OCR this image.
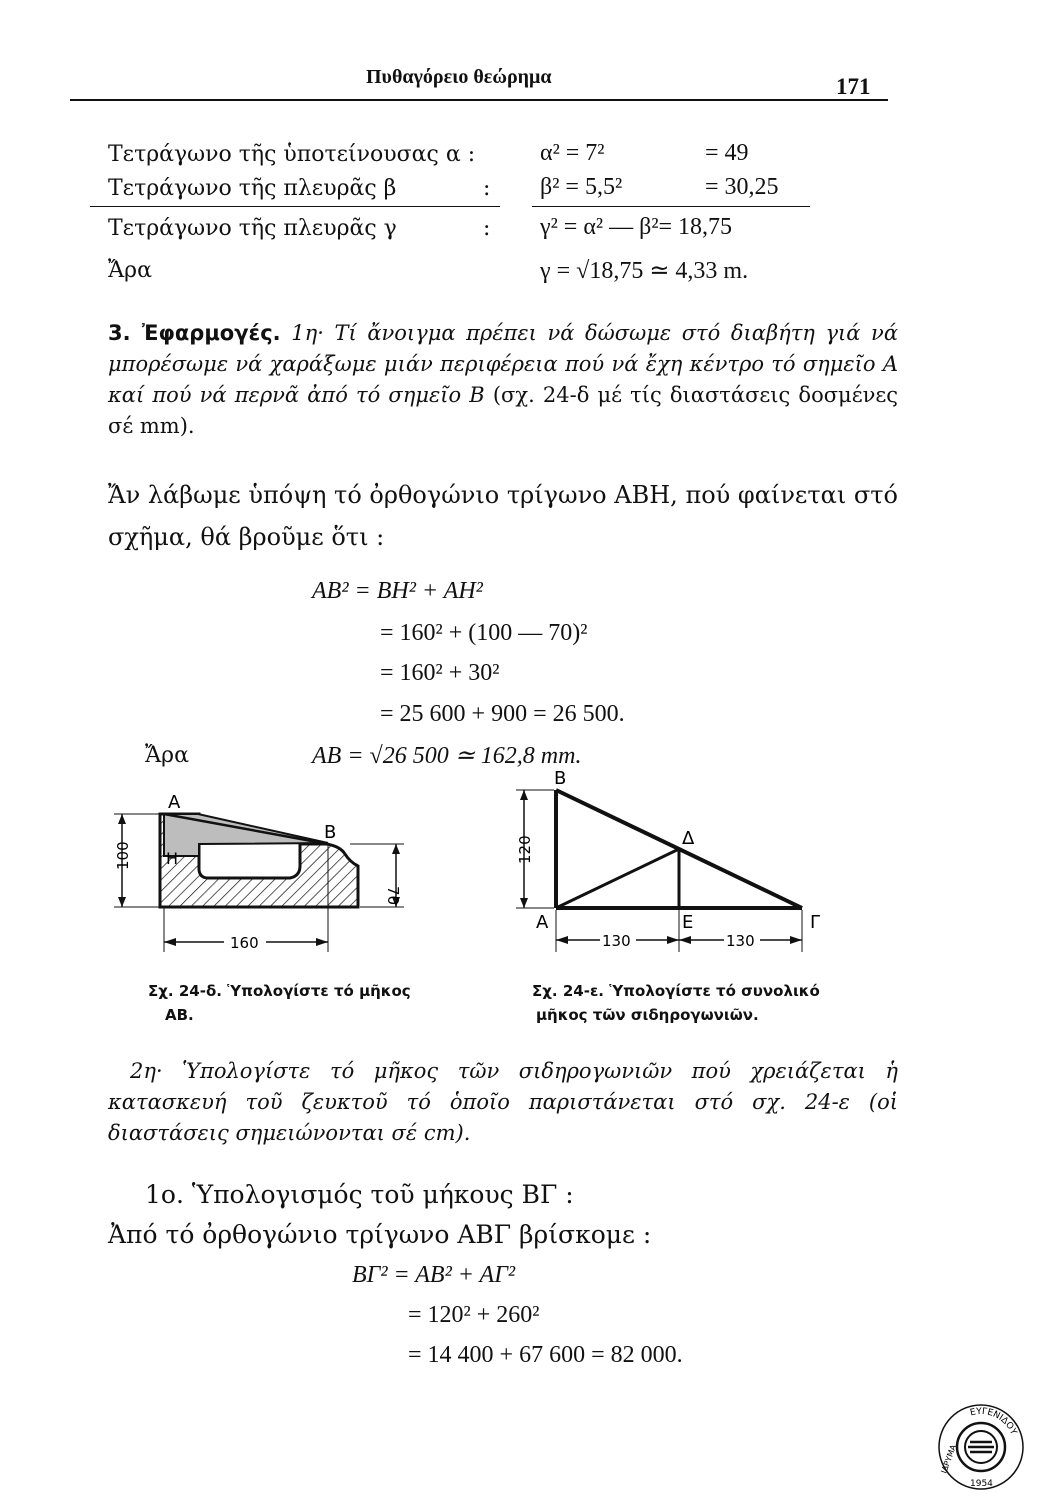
Πυθαγόρειο θεώρημα	171
Τετράγωνο τῆς ὑποτείνουσας α :	α² = 7²	= 49
Τετράγωνο τῆς πλευρᾶς β	: β² = 5,5²	= 30,25
Τετράγωνο τῆς πλευρᾶς γ	: γ² = α² — β²= 18,75
Ἄρα	γ = √18,75 ≃ 4,33 m.
3. Ἐφαρμογές. 1η· Τί ἄνοιγμα πρέπει νά δώσωμε στό διαβήτη γιά νά μπορέσωμε νά χαράξωμε μιάν περιφέρεια πού νά ἔχη κέντρο τό σημεῖο A καί πού νά περνᾶ ἀπό τό σημεῖο B (σχ. 24-δ μέ τίς διαστάσεις δοσμένες σέ mm).
Ἄν λάβωμε ὑπόψη τό ὀρθογώνιο τρίγωνο ABH, πού φαίνεται στό σχῆμα, θά βροῦμε ὅτι :
AB² = BH² + AH²
= 160² + (100 — 70)²
= 160² + 30²
= 25 600 + 900 = 26 500.
Ἄρα	AB = √26 500 ≃ 162,8 mm.
100
70
160
A
B
H	120
130	130
B
A
Δ
E	Γ
Σχ. 24-δ. Ὑπολογίστε τό μῆκος
AB.
Σχ. 24-ε. Ὑπολογίστε τό συνολικό
μῆκος τῶν σιδηρογωνιῶν.
2η· Ὑπολογίστε τό μῆκος τῶν σιδηρογωνιῶν πού χρειάζεται ἡ κατασκευή τοῦ ζευκτοῦ τό ὁποῖο παριστάνεται στό σχ. 24-ε (οἱ διαστάσεις σημειώνονται σέ cm).
1ο. Ὑπολογισμός τοῦ μήκους ΒΓ :
Ἀπό τό ὀρθογώνιο τρίγωνο ΑΒΓ βρίσκομε :
ΒΓ² = ΑΒ² + ΑΓ²
= 120² + 260²
= 14 400 + 67 600 = 82 000.
ΕΥΓΕΝΙΔΟΥ
ΙΔΡΥΜΑ
1954
